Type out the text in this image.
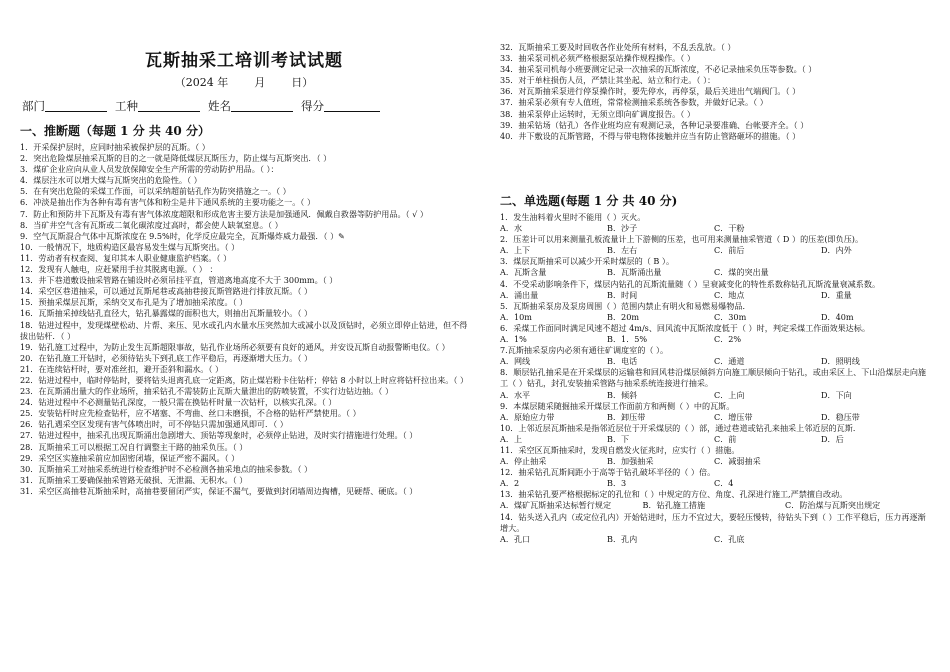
瓦斯抽采工培训考试试题
（2024 年 月 日）
部门	工种	姓名	得分
一、推断题（每题 1 分 共 40 分）

1．开采保护层时，应同时抽采被保护层的瓦斯。（ ）

2．突出危险煤层抽采瓦斯的目的之一就是降低煤层瓦斯压力，防止煤与瓦斯突出．（ ）

3．煤矿企业应向从业人员发放保障安全生产所需的劳动防护用品。（ ）：

4．煤层注水可以增大煤与瓦斯突出的危险性。（ ）

5．在有突出危险的采煤工作面，可以采纳超前钻孔作为防突措施之一。（ ）

6．冲淡是抽出作为各种有毒有害气体和粉尘是井下通风系统的主要功能之一。（ ）

7．防止和预防井下瓦斯及有毒有害气体浓度超限和形成危害主要方法是加强通风．佩戴自救器等防护用品。（ √ ）

8．当矿井空气含有瓦斯或二氧化碳浓度过高时，都会使人缺氧窒息。（ ）

9．空气瓦斯混合气体中瓦斯浓度在 9.5%时，化学反应最完全，瓦斯爆炸威力最强．（ ）✎

10．一般情况下，地质构造区最容易发生煤与瓦斯突出。（ ）

11．劳动者有权查阅、复印其本人职业健康监护档案。（ ）

12．发现有人触电，应赶紧用手拉其脱离电源。（ ） ：

13．井下巷道敷设抽采管路在铺设时必须吊挂平直，管道离地高度不大于 300mm。（ ）

14．采空区巷道抽采，可以通过瓦斯尾巷或高抽巷接瓦斯管路进行排放瓦斯。（ ）

15．预抽采煤层瓦斯，采纳交叉布孔是为了增加抽采浓度。（ ）

16．瓦斯抽采掉线钻孔直径大，钻孔暴露煤的面积也大，则抽出瓦斯量较小。（ ）

18．钻进过程中，发现煤壁松动、片帮、来压、见水或孔内水量水压突然加大或减小以及顶钻时，必须立即停止钻进，但不得拔出钻杆．（ ）

19．钻孔施工过程中，为防止发生瓦斯超限事故，钻孔作业场所必须要有良好的通风，并安设瓦斯自动报警断电仪。（ ）

20．在钻孔施工开钻时，必须待钻头下到孔底工作平稳后，再逐渐增大压力。（ ）

21．在连续钻杆时，要对准丝扣，避开歪斜和漏水。（ ）

22．钻进过程中，临时停钻时，要将钻头退离孔底一定距离，防止煤岩粉卡住钻杆；停钻 8 小时以上时应将钻杆拉出来。（ ）

23．在瓦斯涌出量大的作业场所，抽采钻孔不需装防止瓦斯大量泄出的防喷装置，不实行边钻边抽。（ ）

24．钻进过程中不必测量钻孔深度，一般只需在换钻杆时量一次钻杆，以核实孔深。（ ）

25．安装钻杆时应先检查钻杆，应不堵塞、不弯曲、丝口未磨损，不合格的钻杆严禁使用。（ ）

26．钻孔遇采空区发现有害气体喷出时，可不停钻只需加强通风即可．（ ）

27．钻进过程中，抽采孔出现瓦斯涌出急剧增大、顶钻等现象时，必须停止钻进，及时实行措施进行处理。（ ）

28．瓦斯抽采工可以根据工况自行调整主干路的抽采负压。（ ）

29．采空区实施抽采前应加固密闭墙，保证严密不漏风。（ ）

30．瓦斯抽采工对抽采系统进行检查维护时不必检测各抽采地点的抽采参数。（ ）

31．瓦斯抽采工要确保抽采管路无破损、无泄漏、无积水。（ ）

31．采空区高抽巷瓦斯抽采时，高抽巷要留闭严实，保证不漏气，要做到封闭墙周边掏槽，见硬帮、硬底。（ ）

32．瓦斯抽采工要及时回收各作业处所有材料，不乱丢乱放。（ ）

33．抽采泵司机必须严格根据泵站操作规程操作。（ ）

34．抽采泵司机每小班要测定记录一次抽采的瓦斯浓度，不必记录抽采负压等参数。（ ）

35．对于单柱损伤人员，严禁让其坐起、站立和行走。（ ）：

36．对瓦斯抽采泵进行停泵操作时，要先停水，再停泵，最后关进出气端阀门。（ ）

37．抽采泵必须有专人值班，常常检测抽采系统各参数，并做好记录。（ ）

38．抽采泵停止运转时，无须立即向矿调度报告。（ ）

39．抽采钻场（钻孔）各作业班均应有观测记录，各种记录要准确、台帐要齐全。（ ）

40．井下敷设的瓦斯管路，不得与带电物体接触并应当有防止管路砸坏的措施。（ ）

二、单选题(每题 1 分 共 40 分)

1．发生油料着火里时不能用（ ）灭火。

A．水	B．沙子	C．干粉

2．压差计可以用来测量孔板流量计上下游侧的压差，也可用来测量抽采管道（ D ）的压差(即负压)。

A．上下	B．左右	C．前后	D．内外

3．煤层瓦斯抽采可以减少开采时煤层的（ B ）。

A．瓦斯含量	B．瓦斯涌出量	C．煤的突出量

4．不受采动影响条件下，煤层内钻孔的瓦斯流量随（ ）呈衰减变化的特性系数称钻孔瓦斯流量衰减系数。

A．涌出量	B．时间	C．地点	D．重量

5．瓦斯抽采泵房及泵房周围（ ）范围内禁止有明火和易燃易爆物品．

A．10m	B．20m	C．30m	D．40m

6．采煤工作面同时满足风速不超过 4m/s、回风流中瓦斯浓度低于（ ）时，判定采煤工作面效果达标。

A．1%	B．1．5%	C．2%

7.瓦斯抽采泵房内必须有通往矿调度室的（ ）。

A．网线	B．电话	C．通道	D．照明线

8．顺层钻孔抽采是在开采煤层的运输巷和回风巷沿煤层倾斜方向施工顺层倾向于钻孔，或由采区上、下山沿煤层走向施工（ ）钻孔，封孔安装抽采管路与抽采系统连接进行抽采。

A．水平	B．倾斜	C．上向	D．下向

9．本煤层随采随掘抽采开煤层工作面前方和两侧（ ）中的瓦斯。

A．原始应力带	B．卸压带	C．增压带	D．稳压带

10．上邻近层瓦斯抽采是指邻近层位于开采煤层的（ ）部，通过巷道或钻孔来抽采上邻近层的瓦斯．

A．上	B．下	C．前	D．后

11．采空区瓦斯抽采时，发现自燃发火征兆时，应实行（ ）措施。

A．停止抽采	B．加强抽采	C．减弱抽采

12．抽采钻孔瓦斯间距小于高等于钻孔破坏半径的（ ）倍。

A．2	B．3	C．4

13．抽采钻孔要严格根据标定的孔位和（ ）中规定的方位、角度、孔深进行施工,严禁擅自改动。

A．煤矿瓦斯抽采达标暂行规定	B．钻孔施工措施	C．防治煤与瓦斯突出规定

14．钻头送入孔内（或定位孔内）开始钻进时，压力不宜过大，要轻压慢转，待钻头下到（ ）工作平稳后，压力再逐渐增大。

A．孔口	B．孔内	C．孔底
